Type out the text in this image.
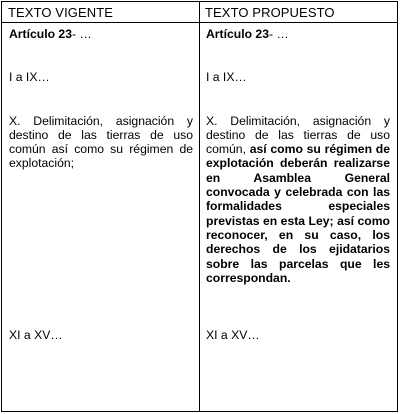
TEXTO VIGENTE	TEXTO PROPUESTO

Artículo 23- …

I a IX…

X. Delimitación, asignación y destino de las tierras de uso común así como su régimen de explotación;

Artículo 23- …

I a IX…

X. Delimitación, asignación y destino de las tierras de uso común, así como su régimen de explotación deberán realizarse en Asamblea General convocada y celebrada con las formalidades especiales previstas en esta Ley; así como reconocer, en su caso, los derechos de los ejidatarios sobre las parcelas que les correspondan.

XI a XV…	XI a XV…
